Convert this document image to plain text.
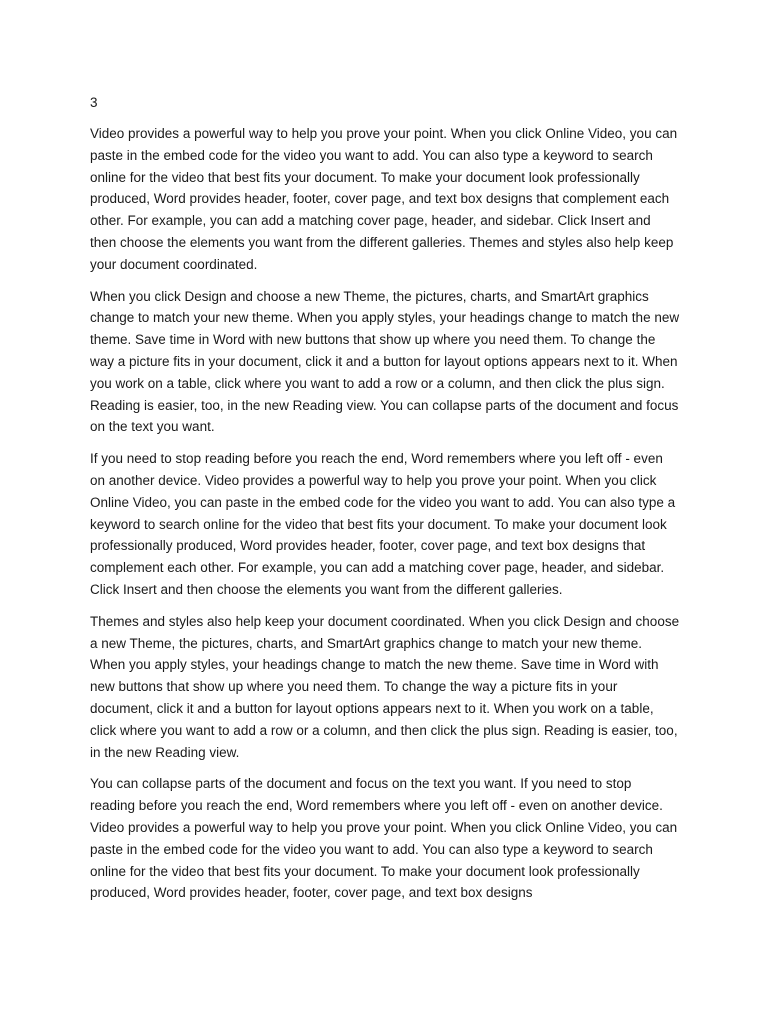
3

Video provides a powerful way to help you prove your point. When you click Online Video, you can paste in the embed code for the video you want to add. You can also type a keyword to search online for the video that best fits your document. To make your document look professionally produced, Word provides header, footer, cover page, and text box designs that complement each other. For example, you can add a matching cover page, header, and sidebar. Click Insert and then choose the elements you want from the different galleries. Themes and styles also help keep your document coordinated.

When you click Design and choose a new Theme, the pictures, charts, and SmartArt graphics change to match your new theme. When you apply styles, your headings change to match the new theme. Save time in Word with new buttons that show up where you need them. To change the way a picture fits in your document, click it and a button for layout options appears next to it. When you work on a table, click where you want to add a row or a column, and then click the plus sign. Reading is easier, too, in the new Reading view. You can collapse parts of the document and focus on the text you want.

If you need to stop reading before you reach the end, Word remembers where you left off - even on another device. Video provides a powerful way to help you prove your point. When you click Online Video, you can paste in the embed code for the video you want to add. You can also type a keyword to search online for the video that best fits your document. To make your document look professionally produced, Word provides header, footer, cover page, and text box designs that complement each other. For example, you can add a matching cover page, header, and sidebar. Click Insert and then choose the elements you want from the different galleries.

Themes and styles also help keep your document coordinated. When you click Design and choose a new Theme, the pictures, charts, and SmartArt graphics change to match your new theme. When you apply styles, your headings change to match the new theme. Save time in Word with new buttons that show up where you need them. To change the way a picture fits in your document, click it and a button for layout options appears next to it. When you work on a table, click where you want to add a row or a column, and then click the plus sign. Reading is easier, too, in the new Reading view.

You can collapse parts of the document and focus on the text you want. If you need to stop reading before you reach the end, Word remembers where you left off - even on another device. Video provides a powerful way to help you prove your point. When you click Online Video, you can paste in the embed code for the video you want to add. You can also type a keyword to search online for the video that best fits your document. To make your document look professionally produced, Word provides header, footer, cover page, and text box designs
